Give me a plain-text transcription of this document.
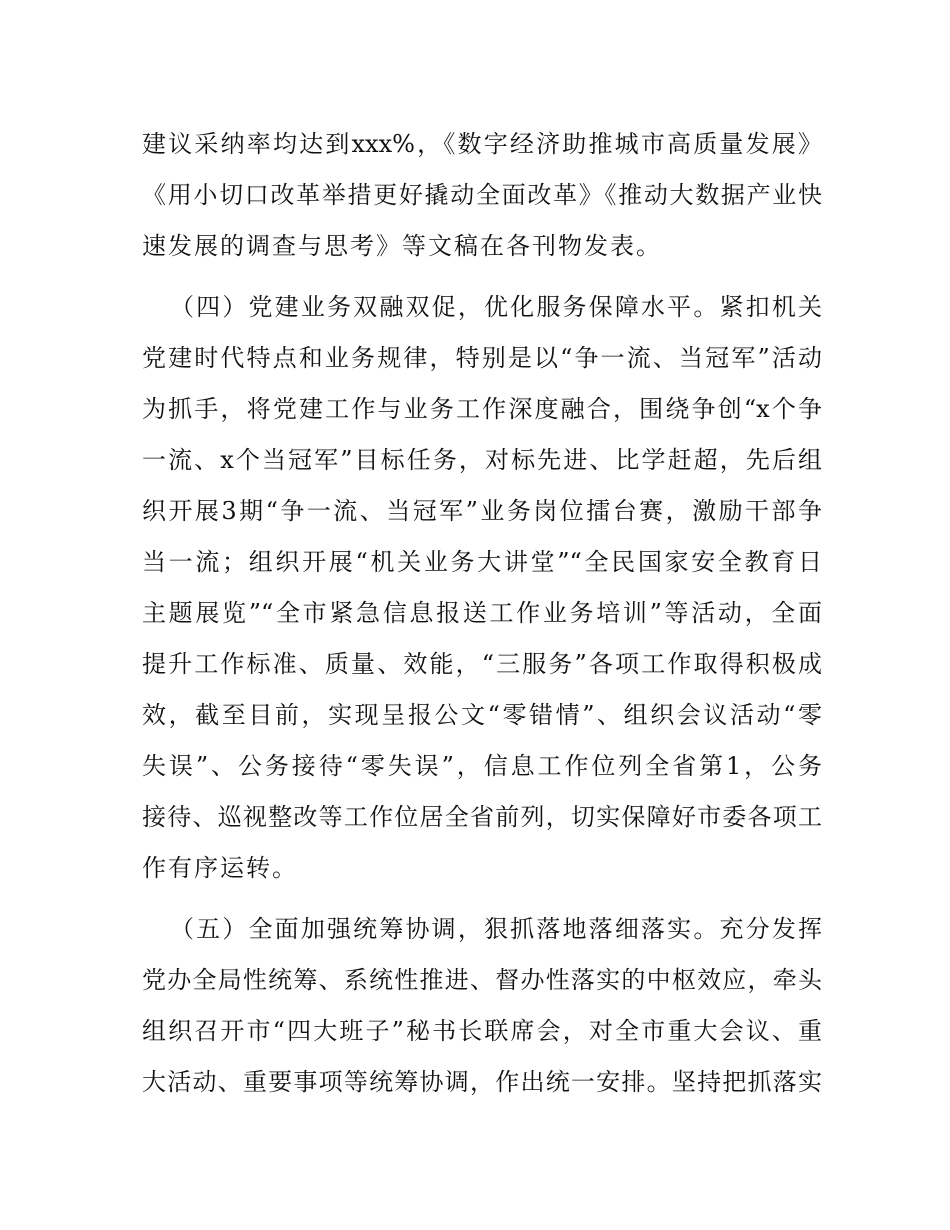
建议采纳率均达到xxx%，《数字经济助推城市高质量发展》
《用小切口改革举措更好撬动全面改革》《推动大数据产业快
速发展的调查与思考》等文稿在各刊物发表。
（四）党建业务双融双促，优化服务保障水平。紧扣机关
党建时代特点和业务规律，特别是以“争一流、当冠军”活动
为抓手，将党建工作与业务工作深度融合，围绕争创“x个争
一流、x个当冠军”目标任务，对标先进、比学赶超，先后组
织开展3期“争一流、当冠军”业务岗位擂台赛，激励干部争
当一流；组织开展“机关业务大讲堂”“全民国家安全教育日
主题展览”“全市紧急信息报送工作业务培训”等活动，全面
提升工作标准、质量、效能，“三服务”各项工作取得积极成
效，截至目前，实现呈报公文“零错情”、组织会议活动“零
失误”、公务接待“零失误”，信息工作位列全省第1，公务
接待、巡视整改等工作位居全省前列，切实保障好市委各项工
作有序运转。
（五）全面加强统筹协调，狠抓落地落细落实。充分发挥
党办全局性统筹、系统性推进、督办性落实的中枢效应，牵头
组织召开市“四大班子”秘书长联席会，对全市重大会议、重
大活动、重要事项等统筹协调，作出统一安排。坚持把抓落实
